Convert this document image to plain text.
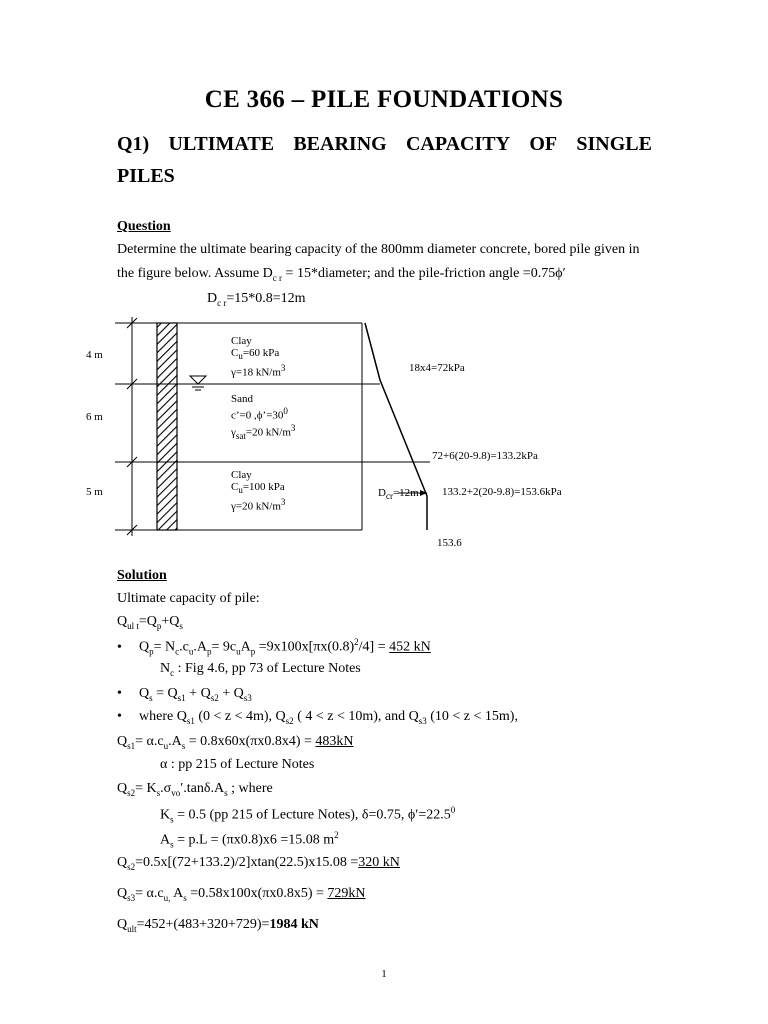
CE 366 – PILE FOUNDATIONS
Q1) ULTIMATE BEARING CAPACITY OF SINGLE
PILES
Question
Determine the ultimate bearing capacity of the 800mm diameter concrete, bored pile given in
the figure below. Assume $D_{c r}$ = 15*diameter; and the pile-friction angle =0.75ϕ′
$D_{c r}=15*0.8=12m$
4 m
6 m
5 m
Clay
$C_u=60$ kPa
γ=18 $kN/m^3$
Sand
c’=0 $,\phi’=30^0$
$\gamma_{sat}=20$ $kN/m^3$
Clay
$C_u=100$ kPa
γ=20 $kN/m^3$
18x4=72kPa
72+6(20-9.8)=133.2kPa
$D_{cr}=12m$ 133.2+2(20-9.8)=153.6kPa
153.6
Solution
Ultimate capacity of pile:
$Q_{ul t}=Q_p+Q_s$
• $Q_p= N_c.c_u.A_p= 9c_uA_p =9x100x[\pi x(0.8)^2/4] = 452$ kN
$N_c$ : Fig 4.6, pp 73 of Lecture Notes
• $Q_s = Q_{s1} + Q_{s2} + Q_{s3}$
• where $Q_{s1}$ (0 < z < 4m), $Q_{s2}$ ( 4 < z < 10m), and $Q_{s3}$ (10 < z < 15m),
$Q_{s1}= \alpha.c_u.A_s = 0.8x60x(\pi x0.8x4) = 483kN$
α : pp 215 of Lecture Notes
$Q_{s2}= K_s.\sigma_{vo}'.\tan\delta.A_s$ ; where
$K_s = 0.5$ (pp 215 of Lecture Notes), δ=0.75, $\phi'=22.5^0$
$A_s = p.L = (\pi x0.8)x6 =15.08$ $m^2$
$Q_{s2}=0.5x[(72+133.2)/2]xtan(22.5)x15.08 =320$ kN
$Q_{s3}= \alpha.c_{u,}$ $A_s =0.58x100x(\pi x0.8x5) = 729kN$
$Q_{ult}=452+(483+320+729)=1984$ kN
1
